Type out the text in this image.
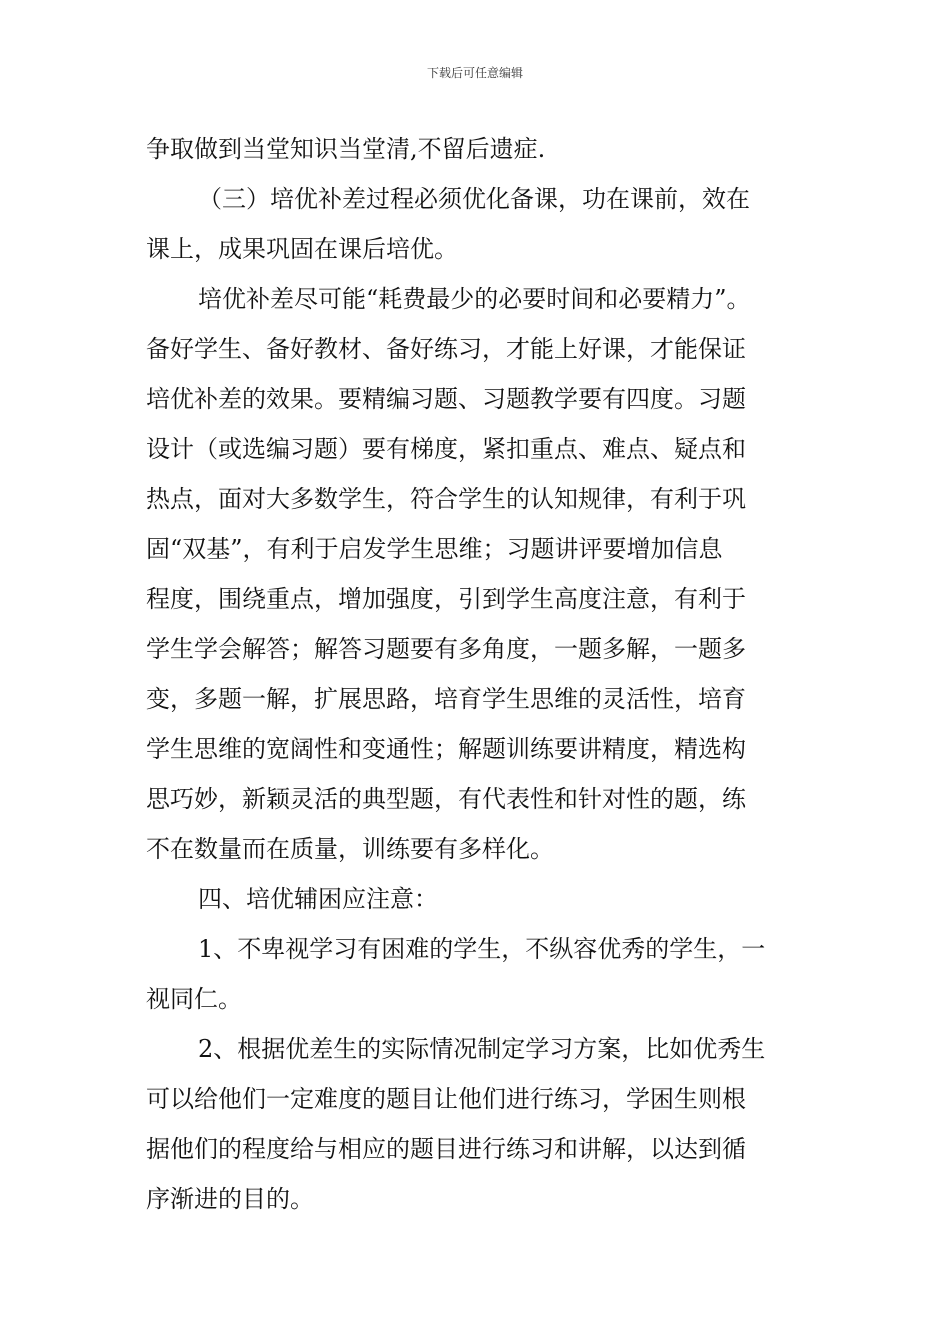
下载后可任意编辑

争取做到当堂知识当堂清,不留后遗症.

（三）培优补差过程必须优化备课，功在课前，效在

课上，成果巩固在课后培优。

培优补差尽可能“耗费最少的必要时间和必要精力”。

备好学生、备好教材、备好练习，才能上好课，才能保证

培优补差的效果。要精编习题、习题教学要有四度。习题

设计（或选编习题）要有梯度，紧扣重点、难点、疑点和

热点，面对大多数学生，符合学生的认知规律，有利于巩

固“双基”，有利于启发学生思维；习题讲评要增加信息

程度，围绕重点，增加强度，引到学生高度注意，有利于

学生学会解答；解答习题要有多角度，一题多解，一题多

变，多题一解，扩展思路，培育学生思维的灵活性，培育

学生思维的宽阔性和变通性；解题训练要讲精度，精选构

思巧妙，新颖灵活的典型题，有代表性和针对性的题，练

不在数量而在质量，训练要有多样化。

四、培优辅困应注意：

1、不卑视学习有困难的学生，不纵容优秀的学生，一

视同仁。

2、根据优差生的实际情况制定学习方案，比如优秀生

可以给他们一定难度的题目让他们进行练习，学困生则根

据他们的程度给与相应的题目进行练习和讲解，以达到循

序渐进的目的。
